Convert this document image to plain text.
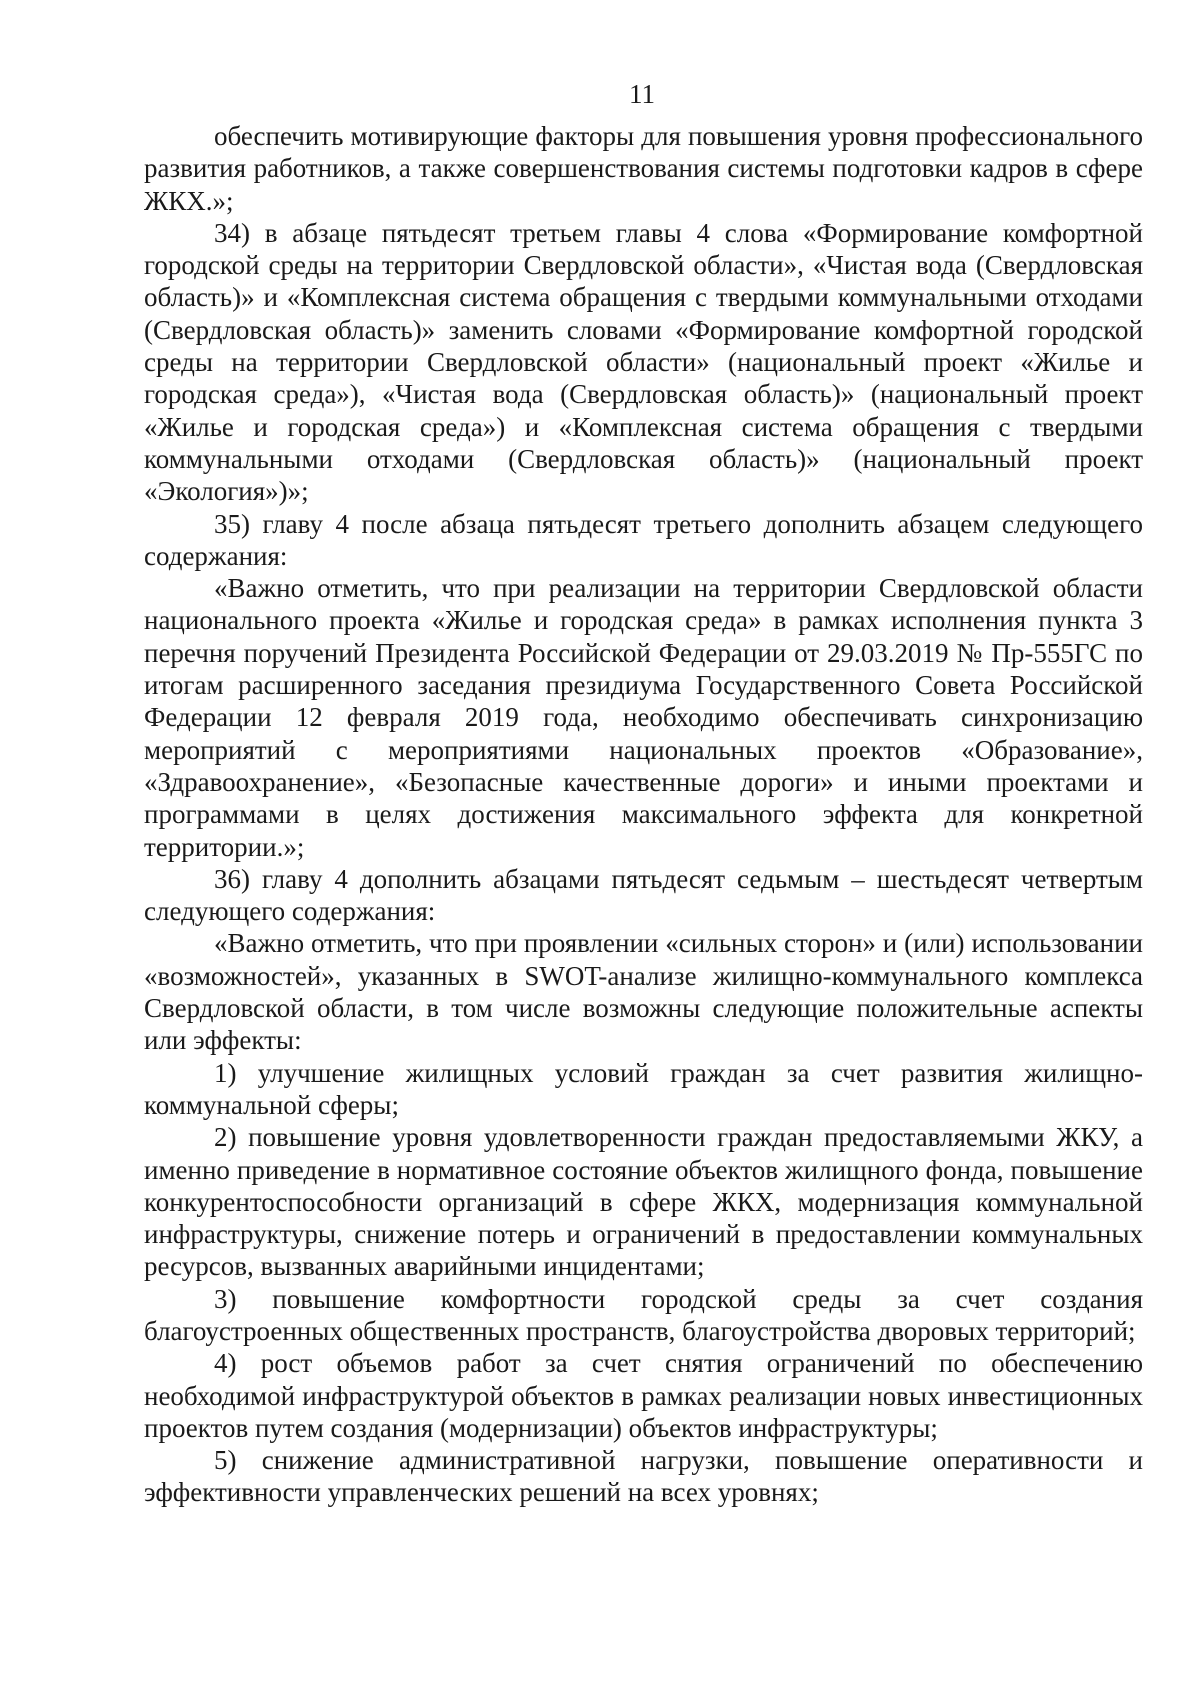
11

обеспечить мотивирующие факторы для повышения уровня профессионального развития работников, а также совершенствования системы подготовки кадров в сфере ЖКХ.»;

34) в абзаце пятьдесят третьем главы 4 слова «Формирование комфортной городской среды на территории Свердловской области», «Чистая вода (Свердловская область)» и «Комплексная система обращения с твердыми коммунальными отходами (Свердловская область)» заменить словами «Формирование комфортной городской среды на территории Свердловской области» (национальный проект «Жилье и городская среда»), «Чистая вода (Свердловская область)» (национальный проект «Жилье и городская среда») и «Комплексная система обращения с твердыми коммунальными отходами (Свердловская область)» (национальный проект «Экология»)»;

35) главу 4 после абзаца пятьдесят третьего дополнить абзацем следующего содержания:

«Важно отметить, что при реализации на территории Свердловской области национального проекта «Жилье и городская среда» в рамках исполнения пункта 3 перечня поручений Президента Российской Федерации от 29.03.2019 № Пр-555ГС по итогам расширенного заседания президиума Государственного Совета Российской Федерации 12 февраля 2019 года, необходимо обеспечивать синхронизацию мероприятий с мероприятиями национальных проектов «Образование», «Здравоохранение», «Безопасные качественные дороги» и иными проектами и программами в целях достижения максимального эффекта для конкретной территории.»;

36) главу 4 дополнить абзацами пятьдесят седьмым – шестьдесят четвертым следующего содержания:

«Важно отметить, что при проявлении «сильных сторон» и (или) использовании «возможностей», указанных в SWOT-анализе жилищно-коммунального комплекса Свердловской области, в том числе возможны следующие положительные аспекты или эффекты:

1) улучшение жилищных условий граждан за счет развития жилищно-коммунальной сферы;

2) повышение уровня удовлетворенности граждан предоставляемыми ЖКУ, а именно приведение в нормативное состояние объектов жилищного фонда, повышение конкурентоспособности организаций в сфере ЖКХ, модернизация коммунальной инфраструктуры, снижение потерь и ограничений в предоставлении коммунальных ресурсов, вызванных аварийными инцидентами;

3) повышение комфортности городской среды за счет создания благоустроенных общественных пространств, благоустройства дворовых территорий;

4) рост объемов работ за счет снятия ограничений по обеспечению необходимой инфраструктурой объектов в рамках реализации новых инвестиционных проектов путем создания (модернизации) объектов инфраструктуры;

5) снижение административной нагрузки, повышение оперативности и эффективности управленческих решений на всех уровнях;
